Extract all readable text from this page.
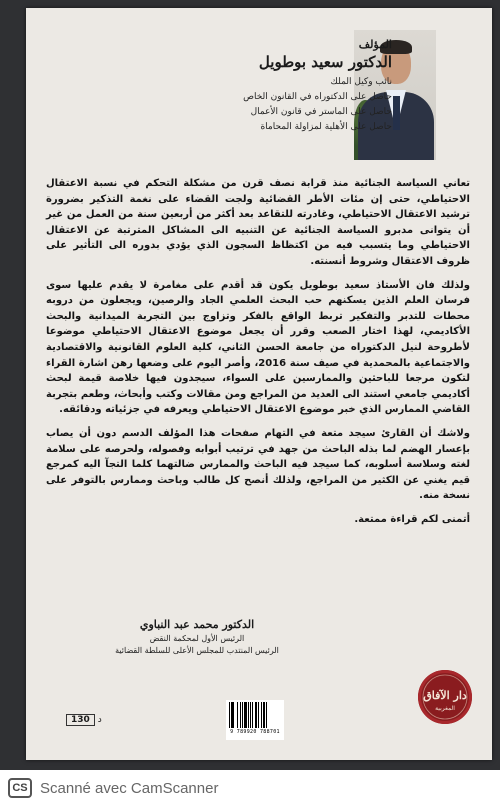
المؤلف

الدكتور سعيد بوطويل

نائب وكيل الملك

حاصل على الدكتوراه في القانون الخاص

حاصل على الماستر في قانون الأعمال

حاصل على الأهلية لمزاولة المحاماة

تعاني السياسة الجنائية منذ قرابة نصف قرن من مشكلة التحكم في نسبة الاعتقال الاحتياطي، حتى إن مئات الأطر القضائية ولجت القضاء على نغمة التذكير بضرورة ترشيد الاعتقال الاحتياطي، وغادرته للتقاعد بعد أكثر من أربعين سنة من العمل من غير أن يتوانى مدبرو السياسة الجنائية عن التنبيه الى المشاكل المترتبة عن الاعتقال الاحتياطي وما يتسبب فيه من اكتظاظ السجون الذي يؤدي بدوره الى التأثير على ظروف الاعتقال وشروط أنسنته.

ولذلك فان الأستاذ سعيد بوطويل يكون قد أقدم على مغامرة لا يقدم عليها سوى فرسان العلم الذين يسكنهم حب البحث العلمي الجاد والرصين، ويجعلون من دروبه محطات للتدبر والتفكير تربط الواقع بالفكر وتزاوج بين التجربة الميدانية والبحث الأكاديمي، لهذا اختار الصعب وقرر أن يجعل موضوع الاعتقال الاحتياطي موضوعا لأطروحة لنيل الدكتوراه من جامعة الحسن الثاني، كلية العلوم القانونية والاقتصادية والاجتماعية بالمحمدية في صيف سنة 2016، وأصر اليوم على وضعها رهن اشارة القراء لتكون مرجعا للباحثين والممارسين على السواء، سيجدون فيها خلاصة قيمة لبحث أكاديمي جامعي استند الى العديد من المراجع ومن مقالات وكتب وأبحاث، وطعم بتجربة القاضي الممارس الذي خبر موضوع الاعتقال الاحتياطي ويعرفه في جزئياته ودقائقه.

ولاشك أن القارئ سيجد متعة في التهام صفحات هذا المؤلف الدسم دون أن يصاب بإعسار الهضم لما بذله الباحث من جهد في ترتيب أبوابه وفصوله، ولحرصه على سلامة لغته وسلاسة أسلوبه، كما سيجد فيه الباحث والممارس ضالتهما كلما التجآ اليه كمرجع قيم يغني عن الكثير من المراجع، ولذلك أنصح كل طالب وباحث وممارس بالتوفر على نسخة منه.

أتمنى لكم قراءة ممتعة.

الدكتور محمد عبد النباوي

الرئيس الأول لمحكمة النقض

الرئيس المنتدب للمجلس الأعلى للسلطة القضائية

دار الآفاق
المغربية
9 789920 788701
130 د
CS Scanné avec CamScanner
